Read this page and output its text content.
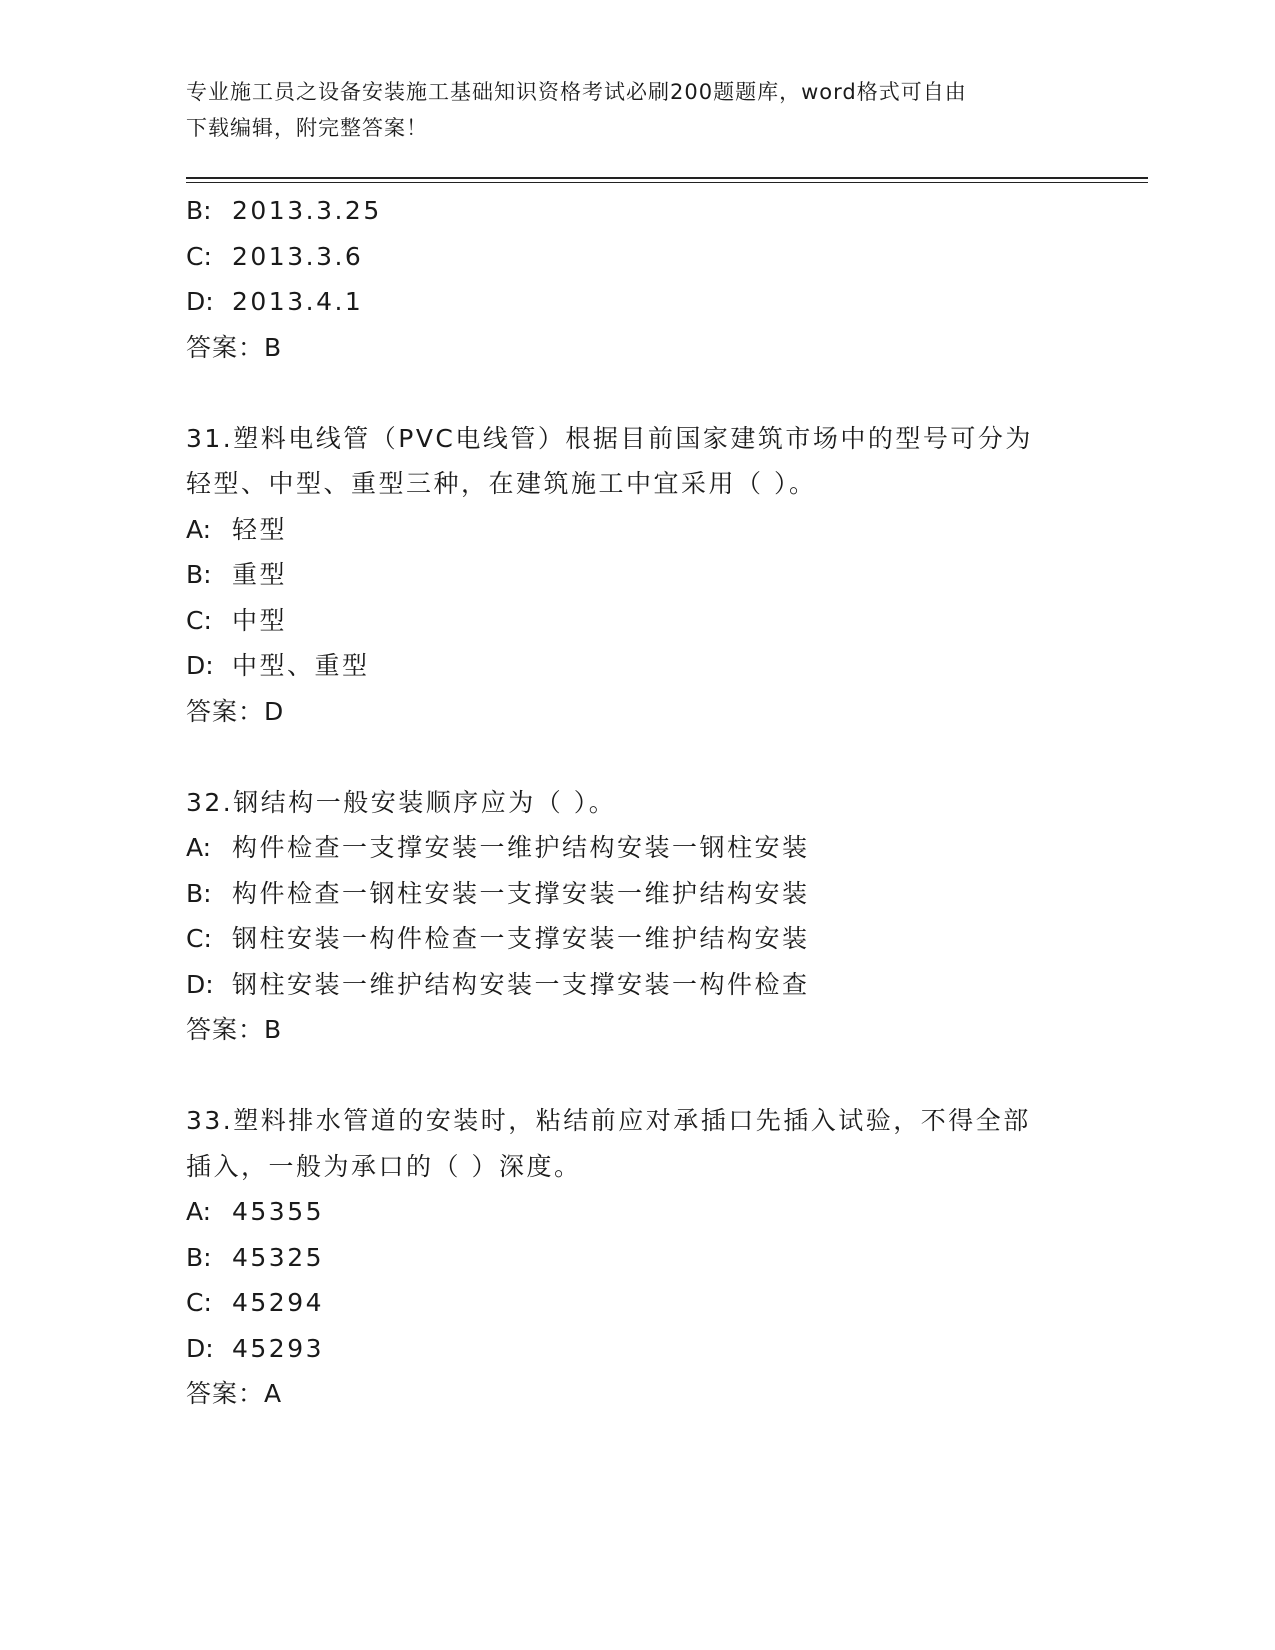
专业施工员之设备安装施工基础知识资格考试必刷200题题库，word格式可自由
下载编辑，附完整答案！
B: 2013.3.25
C: 2013.3.6
D: 2013.4.1
答案：B
31.塑料电线管（PVC电线管）根据目前国家建筑市场中的型号可分为
轻型、中型、重型三种，在建筑施工中宜采用（ ）。
A: 轻型
B: 重型
C: 中型
D: 中型、重型
答案：D
32.钢结构一般安装顺序应为（ ）。
A: 构件检查一支撑安装一维护结构安装一钢柱安装
B: 构件检查一钢柱安装一支撑安装一维护结构安装
C: 钢柱安装一构件检查一支撑安装一维护结构安装
D: 钢柱安装一维护结构安装一支撑安装一构件检查
答案：B
33.塑料排水管道的安装时，粘结前应对承插口先插入试验，不得全部
插入，一般为承口的（ ）深度。
A: 45355
B: 45325
C: 45294
D: 45293
答案：A
